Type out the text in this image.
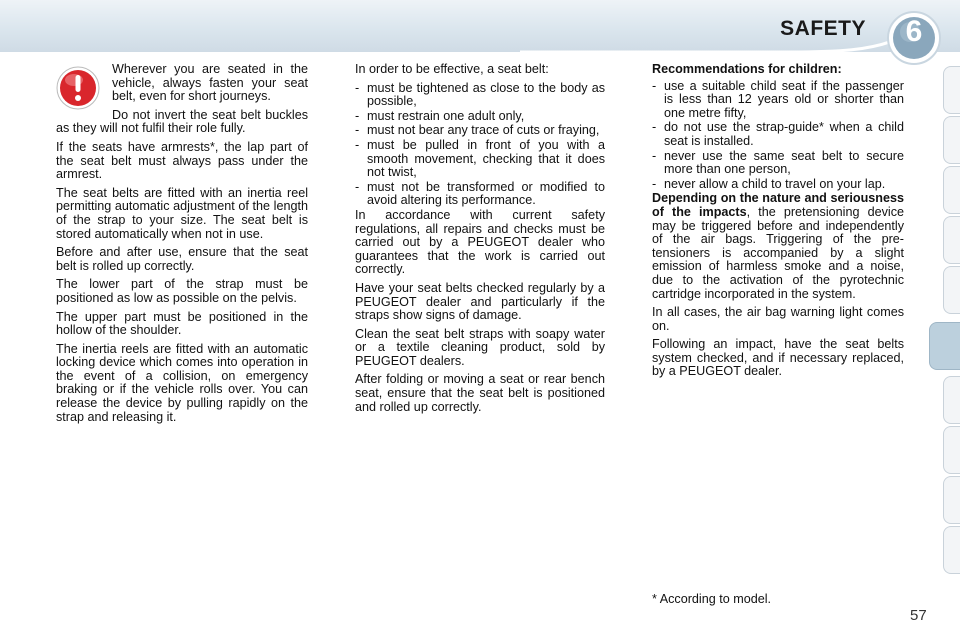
SAFETY	6

Wherever you are seated in the vehicle, always fasten your seat belt, even for short journeys.

Do not invert the seat belt buckles as they will not fulfil their role fully.

If the seats have armrests*, the lap part of the seat belt must always pass under the armrest.

The seat belts are fitted with an inertia reel permitting automatic adjustment of the length of the strap to your size. The seat belt is stored automatically when not in use.

Before and after use, ensure that the seat belt is rolled up correctly.

The lower part of the strap must be positioned as low as possible on the pelvis.

The upper part must be positioned in the hollow of the shoulder.

The inertia reels are fitted with an automatic locking device which comes into operation in the event of a collision, on emergency braking or if the vehicle rolls over. You can release the device by pulling rapidly on the strap and releasing it.

In order to be effective, a seat belt:

- must be tightened as close to the body as possible,
- must restrain one adult only,
- must not bear any trace of cuts or fraying,
- must be pulled in front of you with a smooth movement, checking that it does not twist,
- must not be transformed or modified to avoid altering its performance.

In accordance with current safety regulations, all repairs and checks must be carried out by a PEUGEOT dealer who guarantees that the work is carried out correctly.

Have your seat belts checked regularly by a PEUGEOT dealer and particularly if the straps show signs of damage.

Clean the seat belt straps with soapy water or a textile cleaning product, sold by PEUGEOT dealers.

After folding or moving a seat or rear bench seat, ensure that the seat belt is positioned and rolled up correctly.

Recommendations for children:
- use a suitable child seat if the passenger is less than 12 years old or shorter than one metre fifty,
- do not use the strap-guide* when a child seat is installed.
- never use the same seat belt to secure more than one person,
- never allow a child to travel on your lap.

Depending on the nature and seriousness of the impacts, the pretensioning device may be triggered before and independently of the air bags. Triggering of the pre-tensioners is accompanied by a slight emission of harmless smoke and a noise, due to the activation of the pyrotechnic cartridge incorporated in the system.

In all cases, the air bag warning light comes on.

Following an impact, have the seat belts system checked, and if necessary replaced, by a PEUGEOT dealer.

* According to model.
57
